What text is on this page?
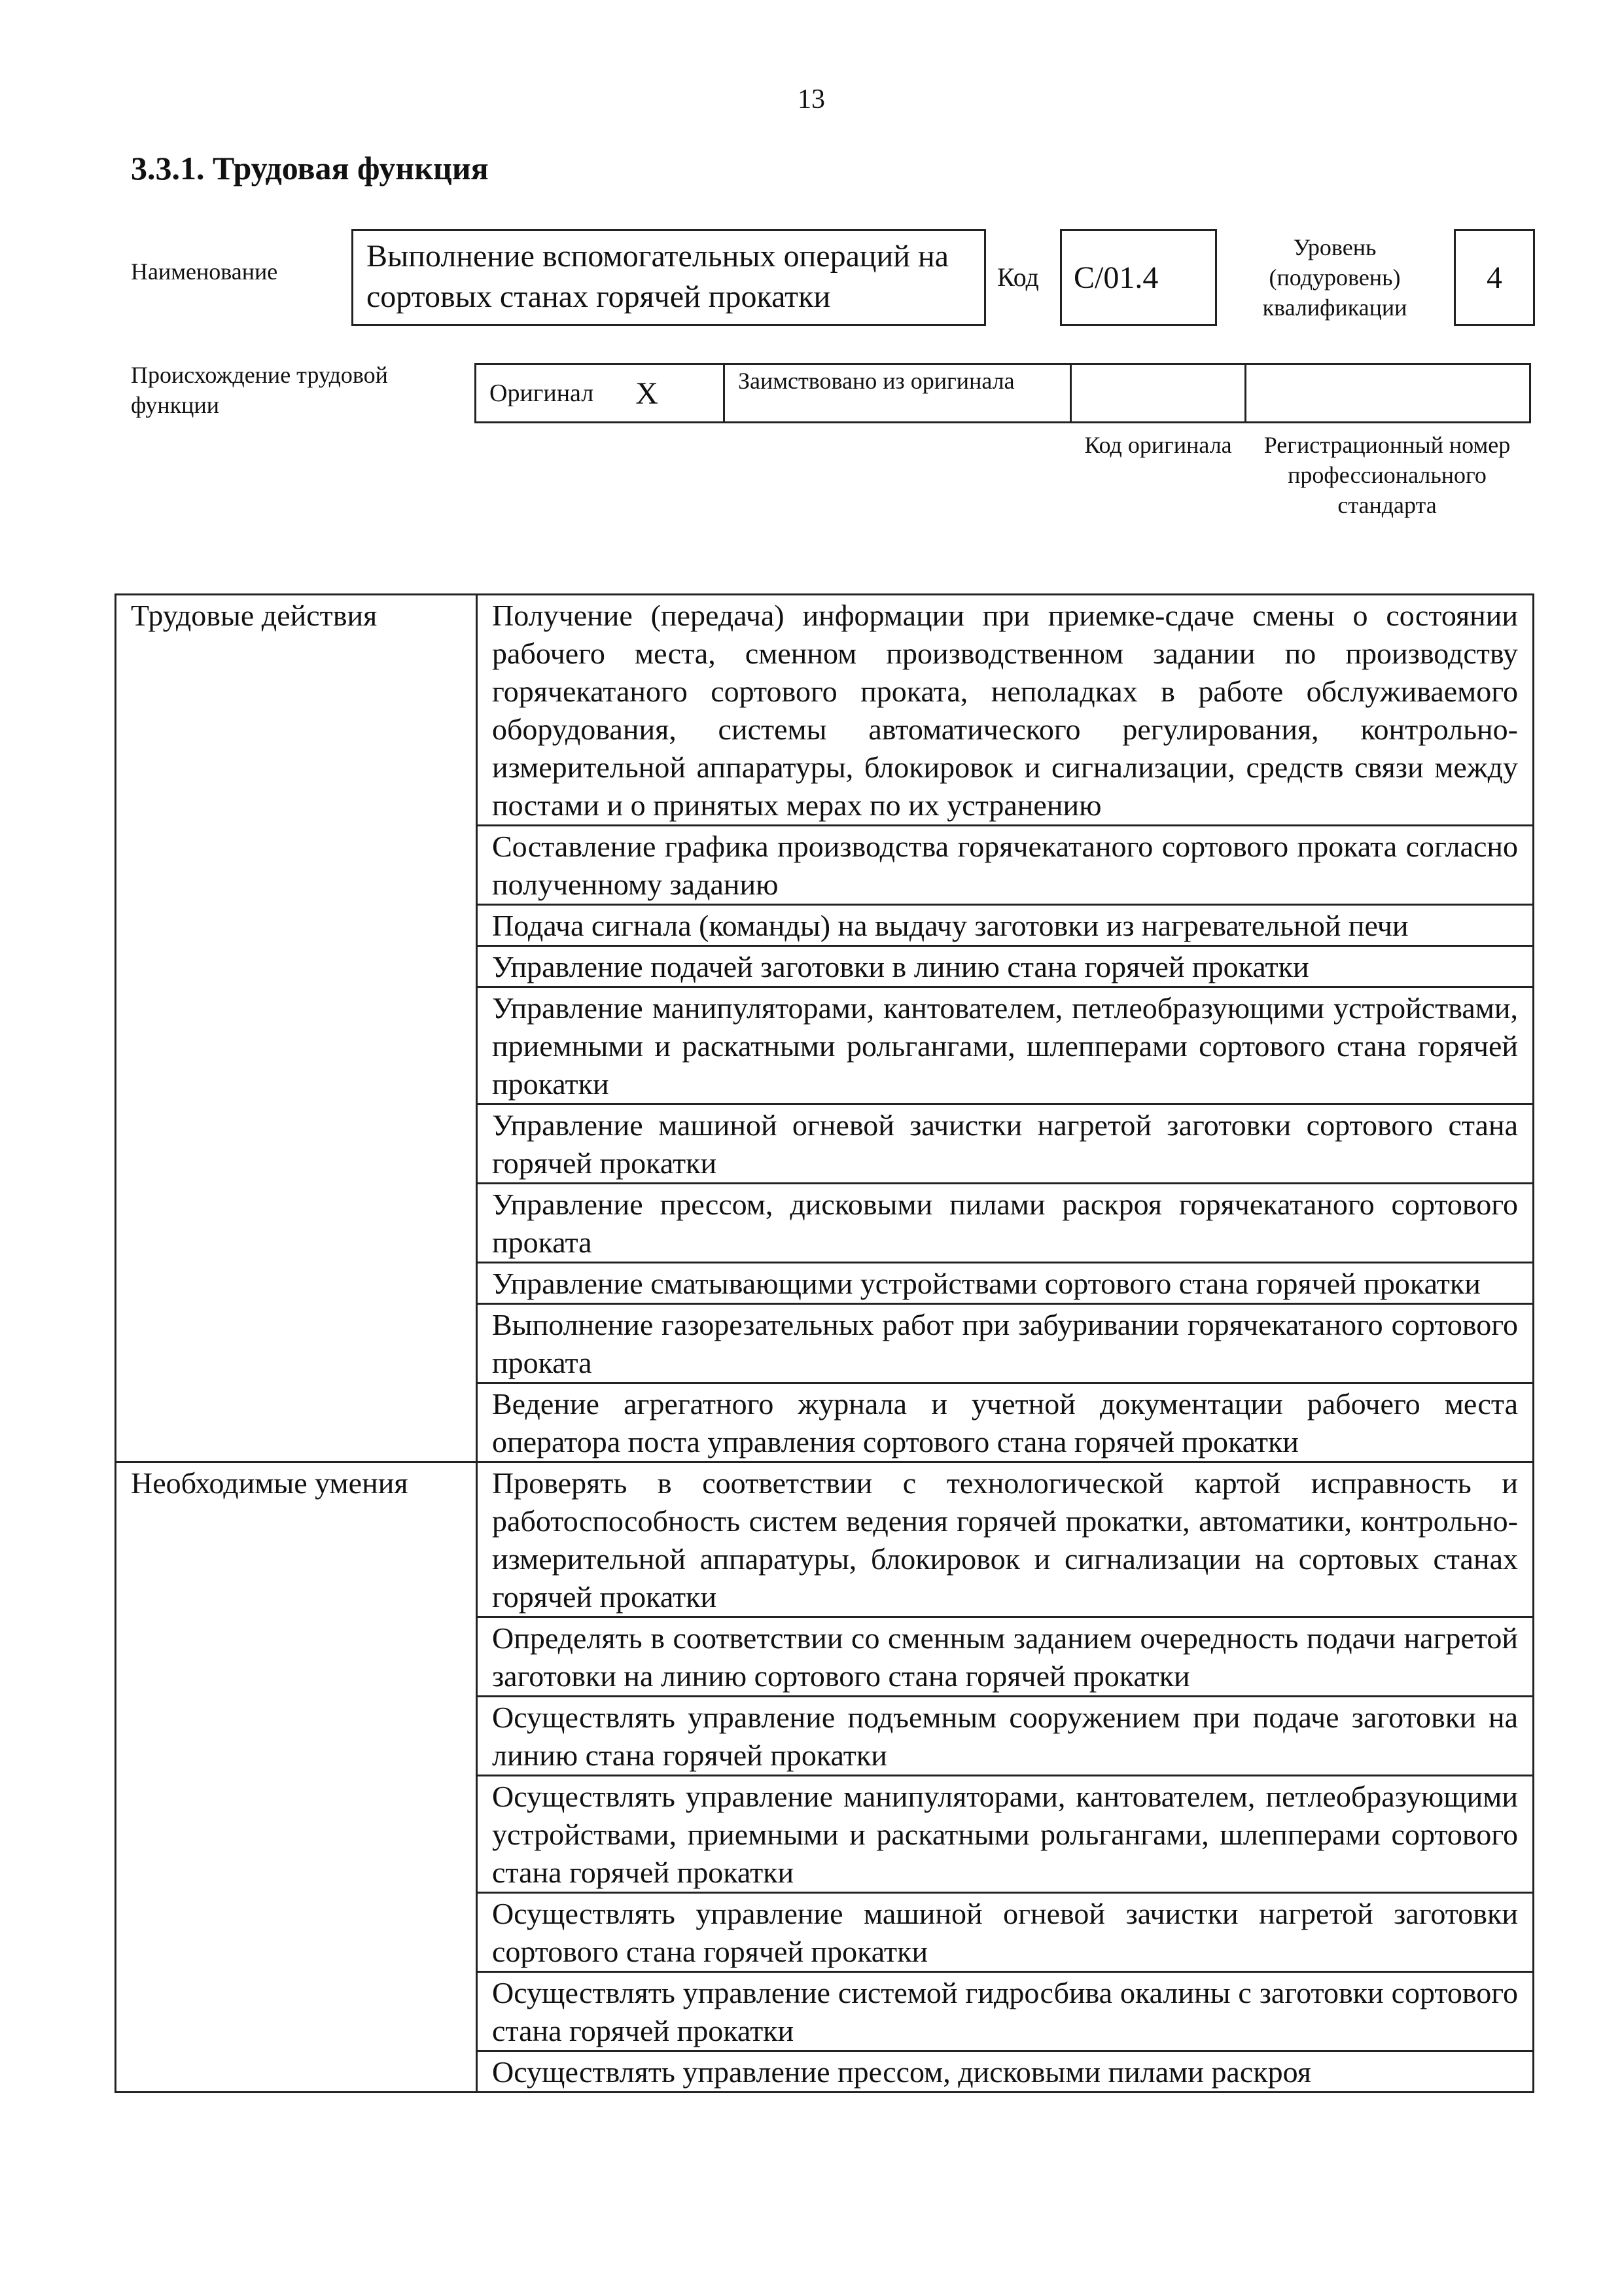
13
3.3.1. Трудовая функция
Наименование	Выполнение вспомогательных операций на сортовых станах горячей прокатки
Код	С/01.4
Уровень (подуровень) квалификации
4
Происхождение трудовой функции	Оригинал Х	Заимствовано из оригинала
Код оригинала	Регистрационный номер профессионального стандарта
Трудовые действия	Получение (передача) информации при приемке-сдаче смены о состоянии рабочего места, сменном производственном задании по производству горячекатаного сортового проката, неполадках в работе обслуживаемого оборудования, системы автоматического регулирования, контрольно-измерительной аппаратуры, блокировок и сигнализации, средств связи между постами и о принятых мерах по их устранению
	Составление графика производства горячекатаного сортового проката согласно полученному заданию
	Подача сигнала (команды) на выдачу заготовки из нагревательной печи
	Управление подачей заготовки в линию стана горячей прокатки
	Управление манипуляторами, кантователем, петлеобразующими устройствами, приемными и раскатными рольгангами, шлепперами сортового стана горячей прокатки
	Управление машиной огневой зачистки нагретой заготовки сортового стана горячей прокатки
	Управление прессом, дисковыми пилами раскроя горячекатаного сортового проката
	Управление сматывающими устройствами сортового стана горячей прокатки
	Выполнение газорезательных работ при забуривании горячекатаного сортового проката
	Ведение агрегатного журнала и учетной документации рабочего места оператора поста управления сортового стана горячей прокатки
Необходимые умения	Проверять в соответствии с технологической картой исправность и работоспособность систем ведения горячей прокатки, автоматики, контрольно-измерительной аппаратуры, блокировок и сигнализации на сортовых станах горячей прокатки
	Определять в соответствии со сменным заданием очередность подачи нагретой заготовки на линию сортового стана горячей прокатки
	Осуществлять управление подъемным сооружением при подаче заготовки на линию стана горячей прокатки
	Осуществлять управление манипуляторами, кантователем, петлеобразующими устройствами, приемными и раскатными рольгангами, шлепперами сортового стана горячей прокатки
	Осуществлять управление машиной огневой зачистки нагретой заготовки сортового стана горячей прокатки
	Осуществлять управление системой гидросбива окалины с заготовки сортового стана горячей прокатки
	Осуществлять управление прессом, дисковыми пилами раскроя
